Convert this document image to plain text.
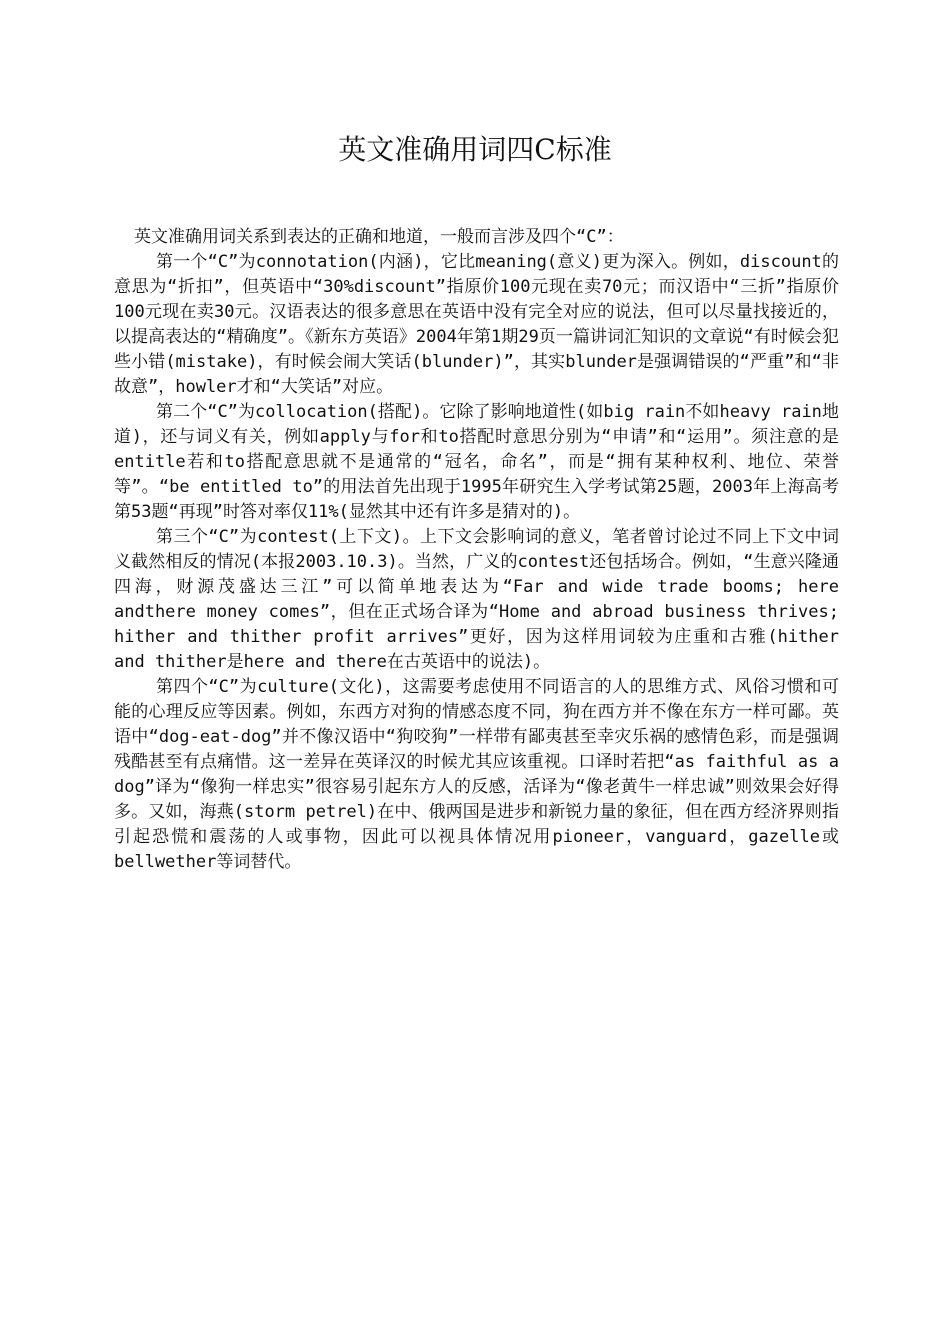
英文准确用词四C标准

英文准确用词关系到表达的正确和地道，一般而言涉及四个“C”：

第一个“C”为connotation(内涵)，它比meaning(意义)更为深入。例如，discount的意思为“折扣”，但英语中“30%discount”指原价100元现在卖70元；而汉语中“三折”指原价100元现在卖30元。汉语表达的很多意思在英语中没有完全对应的说法，但可以尽量找接近的，以提高表达的“精确度”。《新东方英语》2004年第1期29页一篇讲词汇知识的文章说“有时候会犯些小错(mistake)，有时候会闹大笑话(blunder)”，其实blunder是强调错误的“严重”和“非故意”，howler才和“大笑话”对应。

第二个“C”为collocation(搭配)。它除了影响地道性(如big rain不如heavy rain地道)，还与词义有关，例如apply与for和to搭配时意思分别为“申请”和“运用”。须注意的是entitle若和to搭配意思就不是通常的“冠名，命名”，而是“拥有某种权利、地位、荣誉等”。“be entitled to”的用法首先出现于1995年研究生入学考试第25题，2003年上海高考第53题“再现”时答对率仅11%(显然其中还有许多是猜对的)。

第三个“C”为contest(上下文)。上下文会影响词的意义，笔者曾讨论过不同上下文中词义截然相反的情况(本报2003.10.3)。当然，广义的contest还包括场合。例如，“生意兴隆通四海，财源茂盛达三江”可以简单地表达为“Far and wide trade booms; here andthere money comes”，但在正式场合译为“Home and abroad business thrives; hither and thither profit arrives”更好，因为这样用词较为庄重和古雅(hither and thither是here and there在古英语中的说法)。

第四个“C”为culture(文化)，这需要考虑使用不同语言的人的思维方式、风俗习惯和可能的心理反应等因素。例如，东西方对狗的情感态度不同，狗在西方并不像在东方一样可鄙。英语中“dog-eat-dog”并不像汉语中“狗咬狗”一样带有鄙夷甚至幸灾乐祸的感情色彩，而是强调残酷甚至有点痛惜。这一差异在英译汉的时候尤其应该重视。口译时若把“as faithful as a dog”译为“像狗一样忠实”很容易引起东方人的反感，活译为“像老黄牛一样忠诚”则效果会好得多。又如，海燕(storm petrel)在中、俄两国是进步和新锐力量的象征，但在西方经济界则指引起恐慌和震荡的人或事物，因此可以视具体情况用pioneer，vanguard，gazelle或bellwether等词替代。
